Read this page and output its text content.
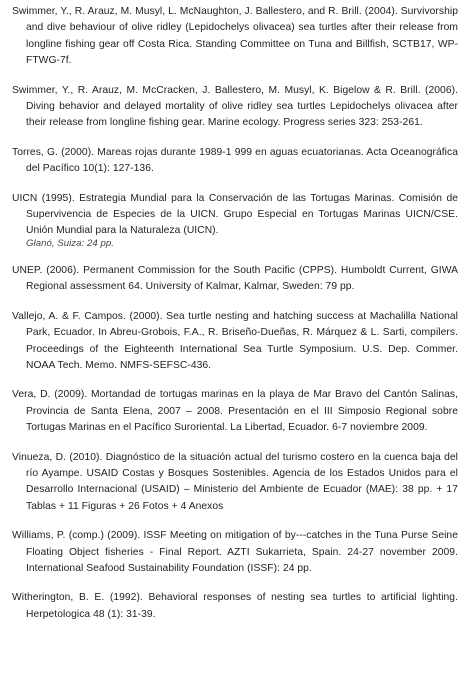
Swimmer, Y., R. Arauz, M. Musyl, L. McNaughton, J. Ballestero, and R. Brill. (2004). Survivorship and dive behaviour of olive ridley (Lepidochelys olivacea) sea turtles after their release from longline fishing gear off Costa Rica. Standing Committee on Tuna and Billfish, SCTB17, WP-FTWG-7f.
Swimmer, Y., R. Arauz, M. McCracken, J. Ballestero, M. Musyl, K. Bigelow & R. Brill. (2006). Diving behavior and delayed mortality of olive ridley sea turtles Lepidochelys olivacea after their release from longline fishing gear. Marine ecology. Progress series 323: 253-261.
Torres, G. (2000). Mareas rojas durante 1989-1 999 en aguas ecuatorianas. Acta Oceanográfica del Pacífico 10(1): 127-136.
UICN (1995). Estrategia Mundial para la Conservación de las Tortugas Marinas. Comisión de Supervivencia de Especies de la UICN. Grupo Especial en Tortugas Marinas UICN/CSE. Unión Mundial para la Naturaleza (UICN).
Glanó, Suiza: 24 pp.
UNEP. (2006). Permanent Commission for the South Pacific (CPPS). Humboldt Current, GIWA Regional assessment 64. University of Kalmar, Kalmar, Sweden: 79 pp.
Vallejo, A. & F. Campos. (2000). Sea turtle nesting and hatching success at Machalilla National Park, Ecuador. In Abreu-Grobois, F.A., R. Briseño-Dueñas, R. Márquez & L. Sarti, compilers. Proceedings of the Eighteenth International Sea Turtle Symposium. U.S. Dep. Commer. NOAA Tech. Memo. NMFS-SEFSC-436.
Vera, D. (2009). Mortandad de tortugas marinas en la playa de Mar Bravo del Cantón Salinas, Provincia de Santa Elena, 2007 – 2008. Presentación en el III Simposio Regional sobre Tortugas Marinas en el Pacífico Suroriental. La Libertad, Ecuador. 6-7 noviembre 2009.
Vinueza, D. (2010). Diagnóstico de la situación actual del turismo costero en la cuenca baja del río Ayampe. USAID Costas y Bosques Sostenibles. Agencia de los Estados Unidos para el Desarrollo Internacional (USAID) – Ministerio del Ambiente de Ecuador (MAE): 38 pp. + 17 Tablas + 11 Figuras + 26 Fotos + 4 Anexos
Williams, P. (comp.) (2009). ISSF Meeting on mitigation of by---catches in the Tuna Purse Seine Floating Object fisheries - Final Report. AZTI Sukarrieta, Spain. 24-27 november 2009. International Seafood Sustainability Foundation (ISSF): 24 pp.
Witherington, B. E. (1992). Behavioral responses of nesting sea turtles to artificial lighting. Herpetologica 48 (1): 31-39.
